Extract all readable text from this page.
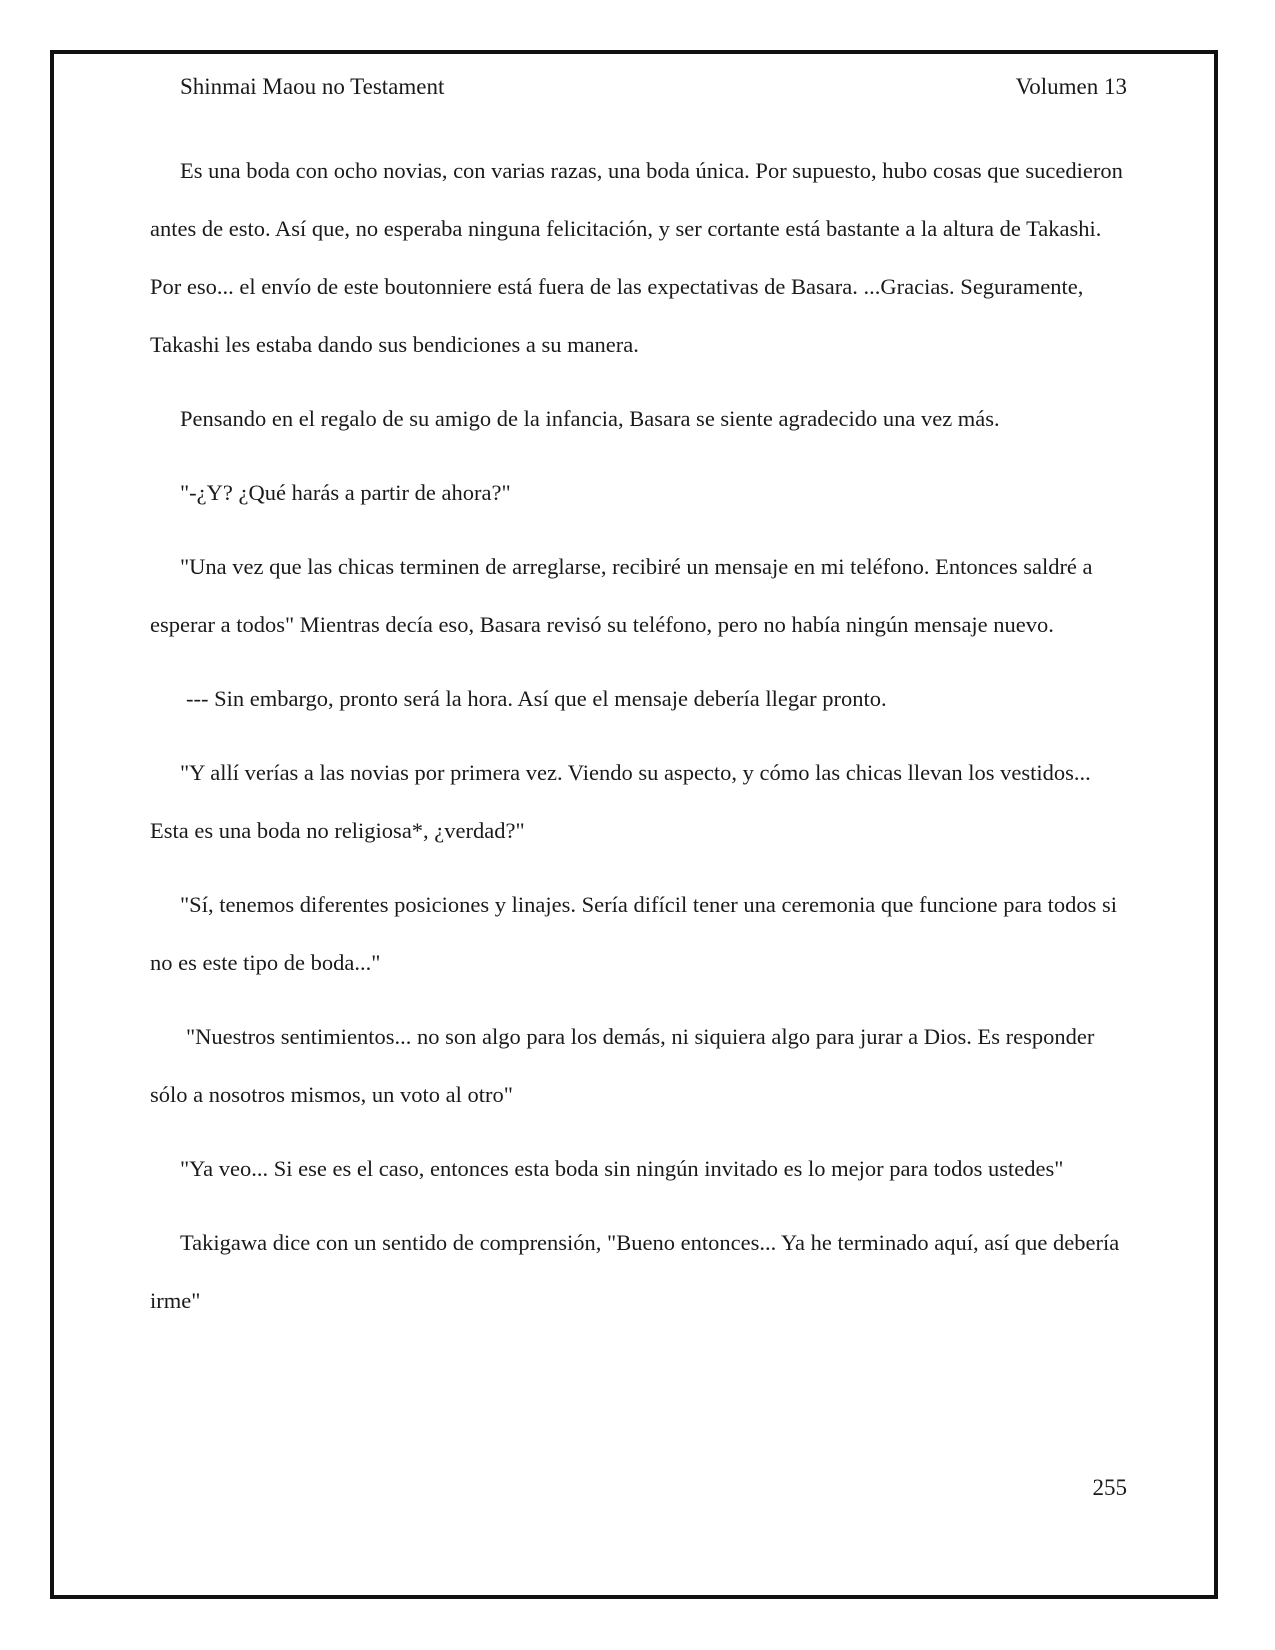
Shinmai Maou no Testament	Volumen 13

Es una boda con ocho novias, con varias razas, una boda única. Por supuesto, hubo cosas que sucedieron antes de esto. Así que, no esperaba ninguna felicitación, y ser cortante está bastante a la altura de Takashi. Por eso... el envío de este boutonniere está fuera de las expectativas de Basara. ...Gracias. Seguramente, Takashi les estaba dando sus bendiciones a su manera.

Pensando en el regalo de su amigo de la infancia, Basara se siente agradecido una vez más.

"-¿Y? ¿Qué harás a partir de ahora?"

"Una vez que las chicas terminen de arreglarse, recibiré un mensaje en mi teléfono. Entonces saldré a esperar a todos" Mientras decía eso, Basara revisó su teléfono, pero no había ningún mensaje nuevo.

--- Sin embargo, pronto será la hora. Así que el mensaje debería llegar pronto.

"Y allí verías a las novias por primera vez. Viendo su aspecto, y cómo las chicas llevan los vestidos... Esta es una boda no religiosa*, ¿verdad?"

"Sí, tenemos diferentes posiciones y linajes. Sería difícil tener una ceremonia que funcione para todos si no es este tipo de boda..."

"Nuestros sentimientos... no son algo para los demás, ni siquiera algo para jurar a Dios. Es responder sólo a nosotros mismos, un voto al otro"

"Ya veo... Si ese es el caso, entonces esta boda sin ningún invitado es lo mejor para todos ustedes"

Takigawa dice con un sentido de comprensión, "Bueno entonces... Ya he terminado aquí, así que debería irme"

255
